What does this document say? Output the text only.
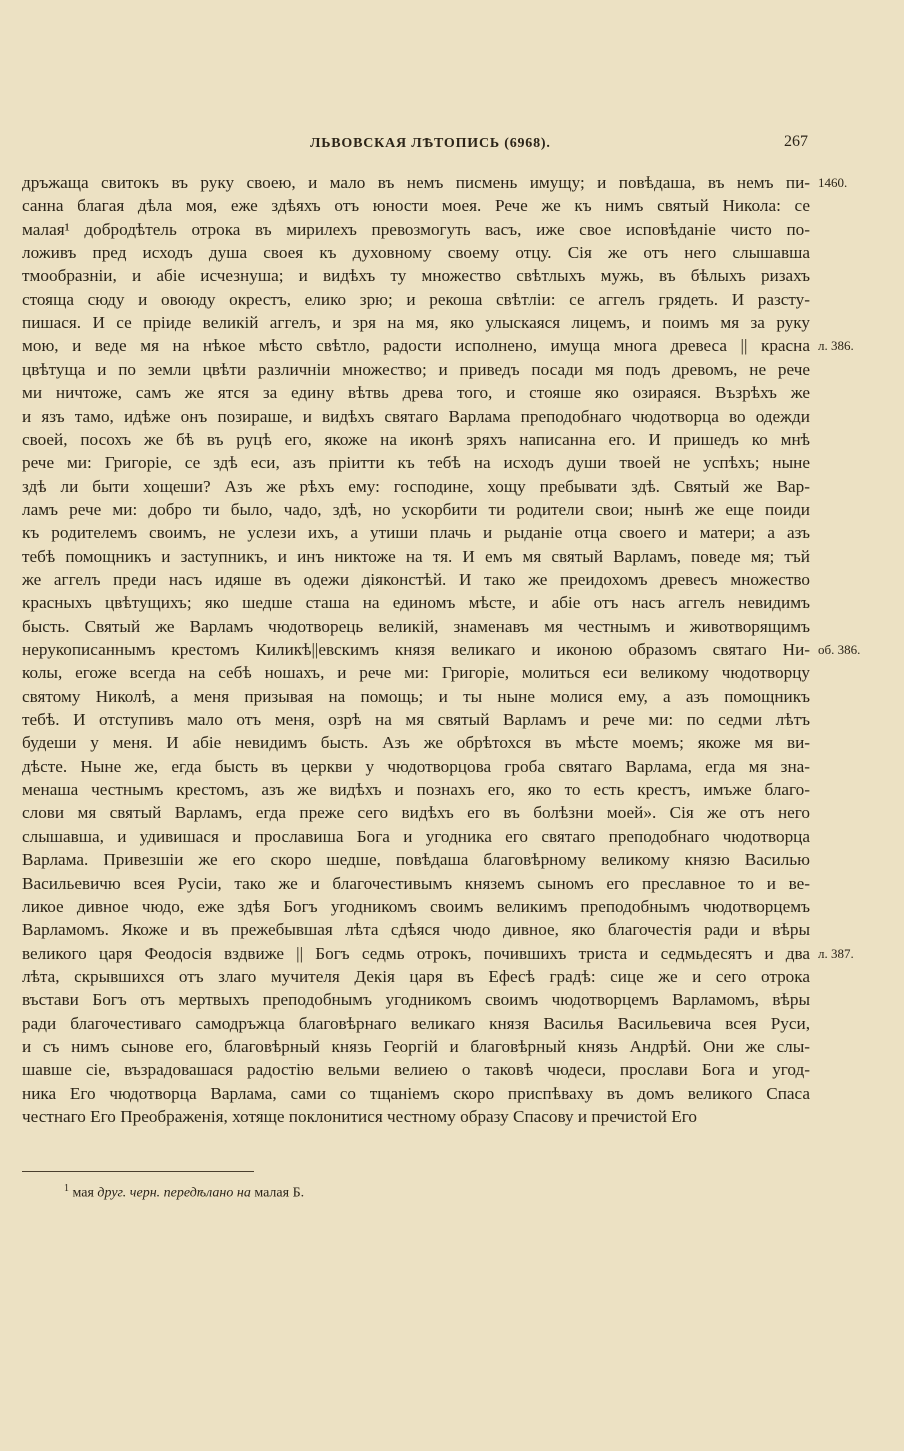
ЛЬВОВСКАЯ ЛѢТОПИСЬ (6968).	267
дръжаща свитокъ въ руку своею, и мало въ немъ писмень имущу; и повѣдаша, въ немъ пи-
санна благая дѣла моя, еже здѣяхъ отъ юности моея. Рече же къ нимъ святый Никола: се
малая¹ добродѣтель отрока въ мирилехъ превозмогуть васъ, иже свое исповѣданіе чисто по-
ложивъ пред исходъ душа своея къ духовному своему отцу. Сія же отъ него слышавша
тмообразніи, и абіе исчезнуша; и видѣхъ ту множество свѣтлыхъ мужь, въ бѣлыхъ ризахъ
стояща сюду и овоюду окрестъ, елико зрю; и рекоша свѣтліи: се аггелъ грядеть. И разсту-
пишася. И се пріиде великій аггелъ, и зря на мя, яко улыскаяся лицемъ, и поимъ мя за руку
мою, и веде мя на нѣкое мѣсто свѣтло, радости исполнено, имуща многа древеса || красна
цвѣтуща и по земли цвѣти различніи множество; и приведъ посади мя подъ древомъ, не рече
ми ничтоже, самъ же ятся за едину вѣтвь древа того, и стояше яко озираяся. Възрѣхъ же
и язъ тамо, идѣже онъ позираше, и видѣхъ святаго Варлама преподобнаго чюдотворца во одежди
своей, посохъ же бѣ въ руцѣ его, якоже на иконѣ зряхъ написанна его. И пришедъ ко мнѣ
рече ми: Григоріе, се здѣ еси, азъ пріитти къ тебѣ на исходъ души твоей не успѣхъ; ныне
здѣ ли быти хощеши? Азъ же рѣхъ ему: господине, хощу пребывати здѣ. Святый же Вар-
ламъ рече ми: добро ти было, чадо, здѣ, но ускорбити ти родители свои; нынѣ же еще поиди
къ родителемъ своимъ, не услези ихъ, а утиши плачь и рыданіе отца своего и матери; а азъ
тебѣ помощникъ и заступникъ, и инъ никтоже на тя. И емъ мя святый Варламъ, поведе мя; тъй
же аггелъ преди насъ идяше въ одежи діяконстѣй. И тако же преидохомъ древесъ множество
красныхъ цвѣтущихъ; яко шедше сташа на единомъ мѣсте, и абіе отъ насъ аггелъ невидимъ
бысть. Святый же Варламъ чюдотворець великій, знаменавъ мя честнымъ и животворящимъ
нерукописаннымъ крестомъ Киликѣ||евскимъ князя великаго и иконою образомъ святаго Ни-
колы, егоже всегда на себѣ ношахъ, и рече ми: Григоріе, молиться еси великому чюдотворцу
святому Николѣ, а меня призывая на помощь; и ты ныне молися ему, а азъ помощникъ
тебѣ. И отступивъ мало отъ меня, озрѣ на мя святый Варламъ и рече ми: по седми лѣтъ
будеши у меня. И абіе невидимъ бысть. Азъ же обрѣтохся въ мѣсте моемъ; якоже мя ви-
дѣсте. Ныне же, егда бысть въ церкви у чюдотворцова гроба святаго Варлама, егда мя зна-
менаша честнымъ крестомъ, азъ же видѣхъ и познахъ его, яко то есть крестъ, имъже благо-
слови мя святый Варламъ, егда преже сего видѣхъ его въ болѣзни моей». Сія же отъ него
слышавша, и удивишася и прославиша Бога и угодника его святаго преподобнаго чюдотворца
Варлама. Привезшіи же его скоро шедше, повѣдаша благовѣрному великому князю Василью
Васильевичю всея Русіи, тако же и благочестивымъ княземъ сыномъ его преславное то и ве-
ликое дивное чюдо, еже здѣя Богъ угодникомъ своимъ великимъ преподобнымъ чюдотворцемъ
Варламомъ. Якоже и въ прежебывшая лѣта сдѣяся чюдо дивное, яко благочестія ради и вѣры
великого царя Феодосія вздвиже || Богъ седмь отрокъ, почившихъ триста и седмьдесятъ и два
лѣта, скрывшихся отъ злаго мучителя Декія царя въ Ефесѣ градѣ: сице же и сего отрока
въстави Богъ отъ мертвыхъ преподобнымъ угодникомъ своимъ чюдотворцемъ Варламомъ, вѣры
ради благочестиваго самодръжца благовѣрнаго великаго князя Василья Васильевича всея Руси,
и съ нимъ сынове его, благовѣрный князь Георгій и благовѣрный князь Андрѣй. Они же слы-
шавше сіе, възрадовашася радостію вельми велиею о таковѣ чюдеси, прослави Бога и угод-
ника Его чюдотворца Варлама, сами со тщаніемъ скоро приспѣваху въ домъ великого Спаса
честнаго Его Преображенія, хотяще поклонитися честному образу Спасову и пречистой Его
1460.
л. 386.
об. 386.
л. 387.
$^1$ мая друг. черн. передѣлано на малая Б.
